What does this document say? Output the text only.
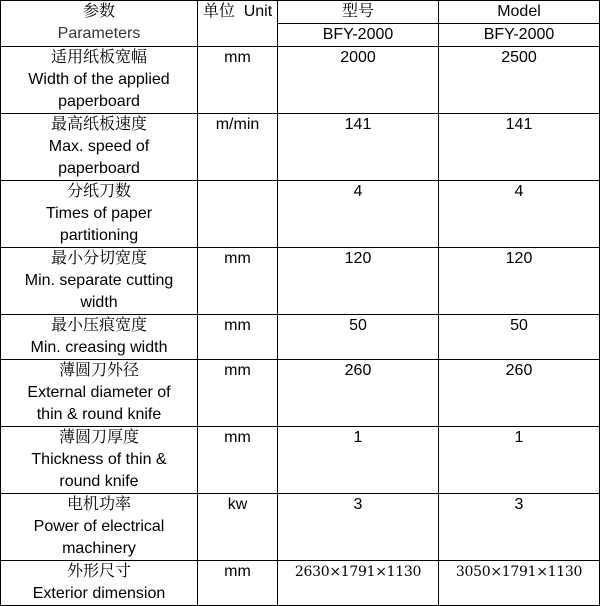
参数
Parameters	单位  Unit	型号	Model
		BFY-2000	BFY-2000

适用纸板宽幅
Width of the applied
paperboard	mm	2000	2500

最高纸板速度
Max. speed of
paperboard	m/min	141	141

分纸刀数
Times of paper
partitioning		4	4

最小分切宽度
Min. separate cutting
width	mm	120	120

最小压痕宽度
Min. creasing width	mm	50	50

薄圆刀外径
External diameter of
thin & round knife	mm	260	260

薄圆刀厚度
Thickness of thin &
round knife	mm	1	1

电机功率
Power of electrical
machinery	kw	3	3

外形尺寸
Exterior dimension	mm	2630×1791×1130	3050×1791×1130
